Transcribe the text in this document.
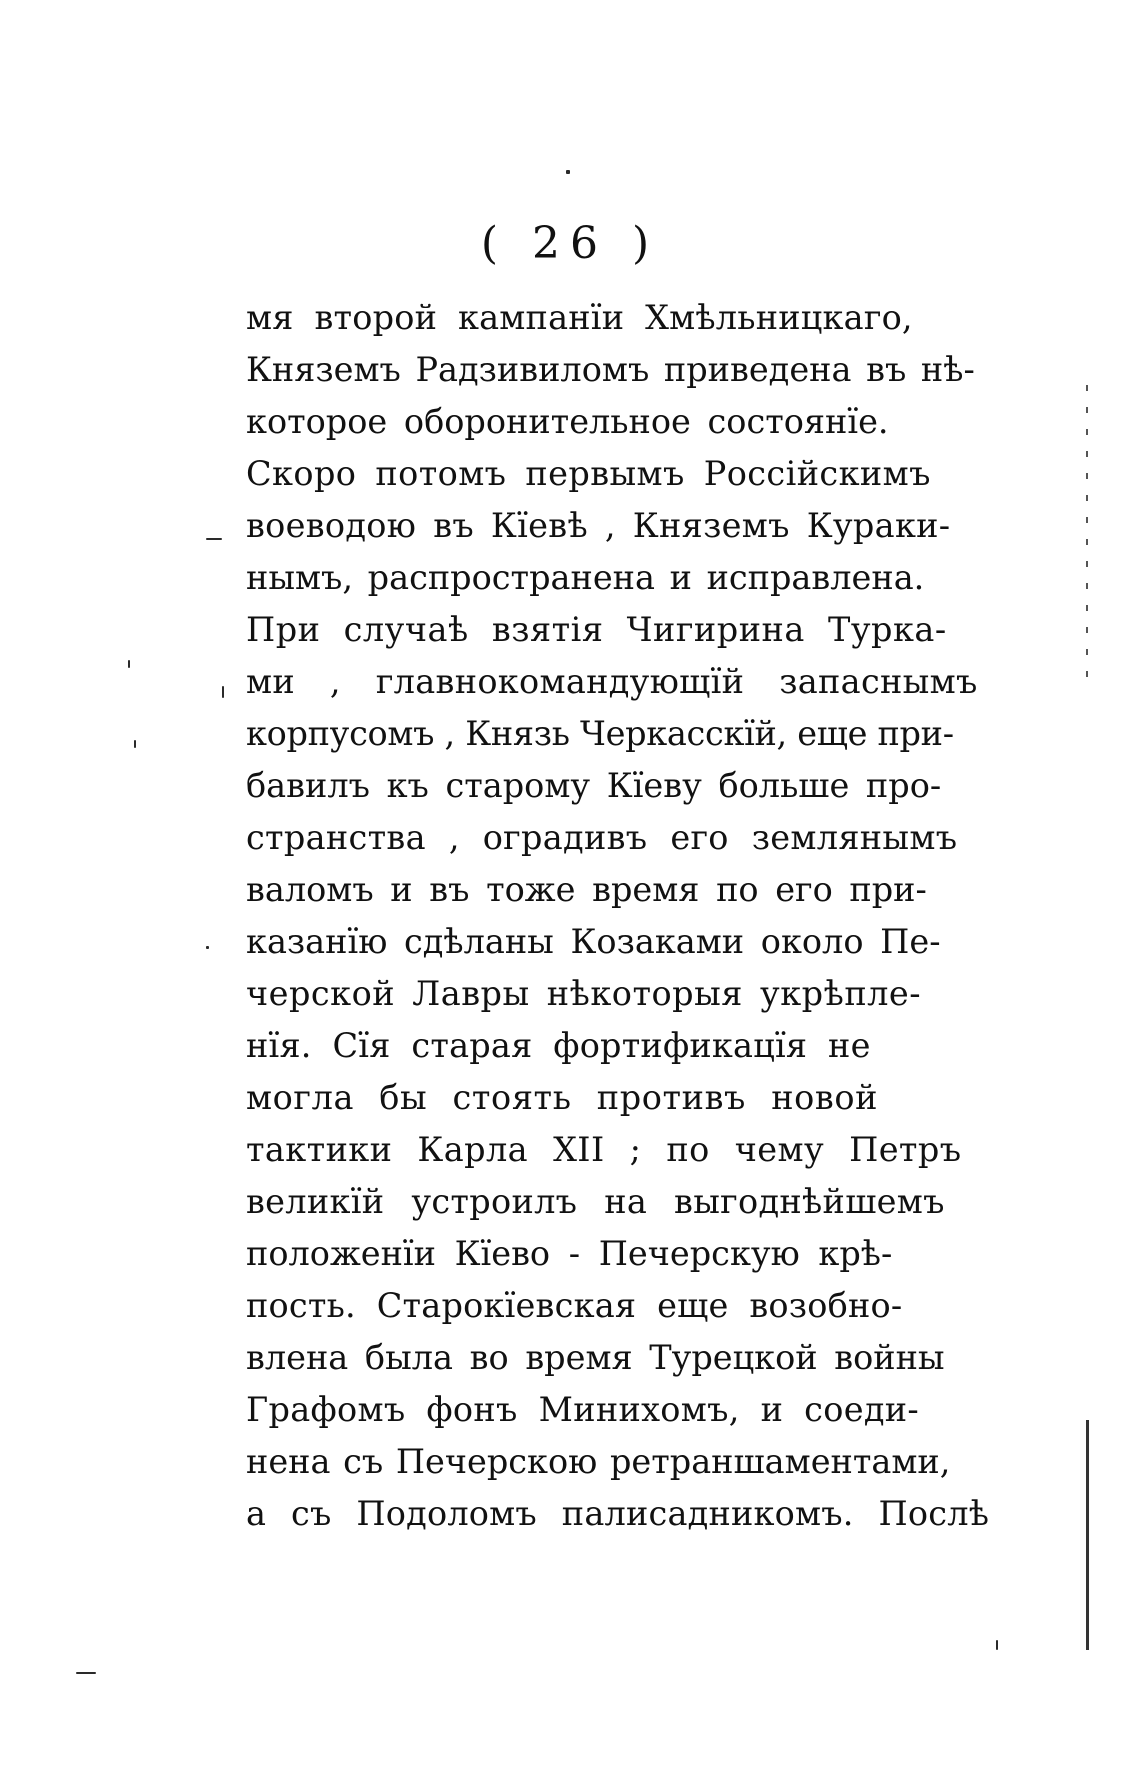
( 26 )
мя второй кампанїи Хмѣльницкаго,
Княземъ Радзивиломъ приведена въ нѣ-
которое оборонительное состоянїе.
Скоро потомъ первымъ Россійскимъ
воеводою въ Кїевѣ , Княземъ Кураки-
нымъ, распространена и исправлена.
При случаѣ взятія Чигирина Турка-
ми , главнокомандующїй запаснымъ
корпусомъ , Князь Черкасскїй, еще при-
бавилъ къ старому Кїеву больше про-
странства , оградивъ его землянымъ
валомъ и въ тоже время по его при-
казанїю сдѣланы Козаками около Пе-
черской Лавры нѣкоторыя укрѣпле-
нїя. Сїя старая фортификацїя не
могла бы стоять противъ новой
тактики Карла XII ; по чему Петръ
великїй устроилъ на выгоднѣйшемъ
положенїи Кїево - Печерскую крѣ-
пость. Старокїевская еще возобно-
влена была во время Турецкой войны
Графомъ фонъ Минихомъ, и соеди-
нена съ Печерскою ретраншаментами,
а съ Подоломъ палисадникомъ. Послѣ
